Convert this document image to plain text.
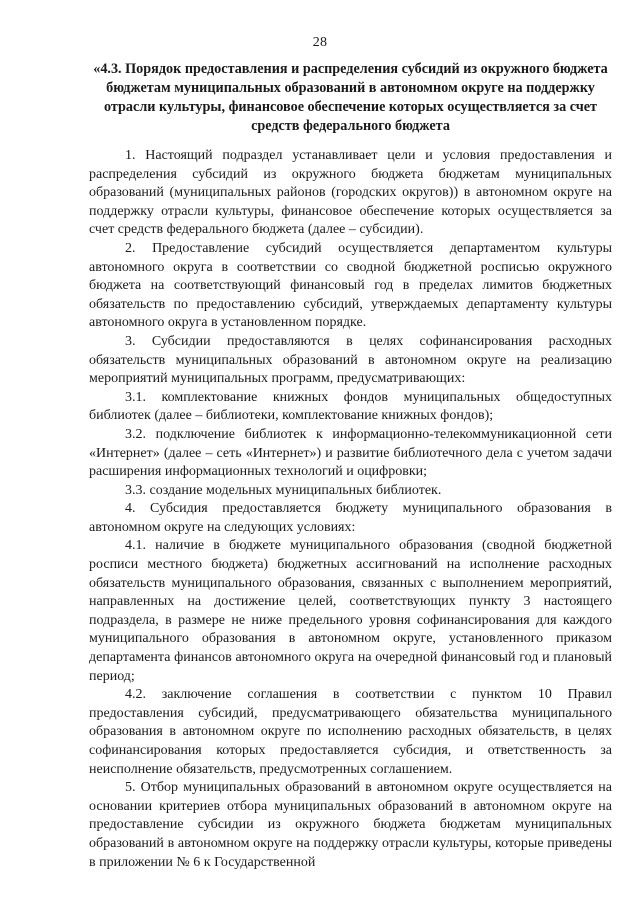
28
«4.3. Порядок предоставления и распределения субсидий из окружного бюджета бюджетам муниципальных образований в автономном округе на поддержку отрасли культуры, финансовое обеспечение которых осуществляется за счет средств федерального бюджета

1. Настоящий подраздел устанавливает цели и условия предоставления и распределения субсидий из окружного бюджета бюджетам муниципальных образований (муниципальных районов (городских округов)) в автономном округе на поддержку отрасли культуры, финансовое обеспечение которых осуществляется за счет средств федерального бюджета (далее – субсидии).

2. Предоставление субсидий осуществляется департаментом культуры автономного округа в соответствии со сводной бюджетной росписью окружного бюджета на соответствующий финансовый год в пределах лимитов бюджетных обязательств по предоставлению субсидий, утверждаемых департаменту культуры автономного округа в установленном порядке.

3. Субсидии предоставляются в целях софинансирования расходных обязательств муниципальных образований в автономном округе на реализацию мероприятий муниципальных программ, предусматривающих:

3.1. комплектование книжных фондов муниципальных общедоступных библиотек (далее – библиотеки, комплектование книжных фондов);

3.2. подключение библиотек к информационно-телекоммуникационной сети «Интернет» (далее – сеть «Интернет») и развитие библиотечного дела с учетом задачи расширения информационных технологий и оцифровки;

3.3. создание модельных муниципальных библиотек.

4. Субсидия предоставляется бюджету муниципального образования в автономном округе на следующих условиях:

4.1. наличие в бюджете муниципального образования (сводной бюджетной росписи местного бюджета) бюджетных ассигнований на исполнение расходных обязательств муниципального образования, связанных с выполнением мероприятий, направленных на достижение целей, соответствующих пункту 3 настоящего подраздела, в размере не ниже предельного уровня софинансирования для каждого муниципального образования в автономном округе, установленного приказом департамента финансов автономного округа на очередной финансовый год и плановый период;

4.2. заключение соглашения в соответствии с пунктом 10 Правил предоставления субсидий, предусматривающего обязательства муниципального образования в автономном округе по исполнению расходных обязательств, в целях софинансирования которых предоставляется субсидия, и ответственность за неисполнение обязательств, предусмотренных соглашением.

5. Отбор муниципальных образований в автономном округе осуществляется на основании критериев отбора муниципальных образований в автономном округе на предоставление субсидии из окружного бюджета бюджетам муниципальных образований в автономном округе на поддержку отрасли культуры, которые приведены в приложении № 6 к Государственной
